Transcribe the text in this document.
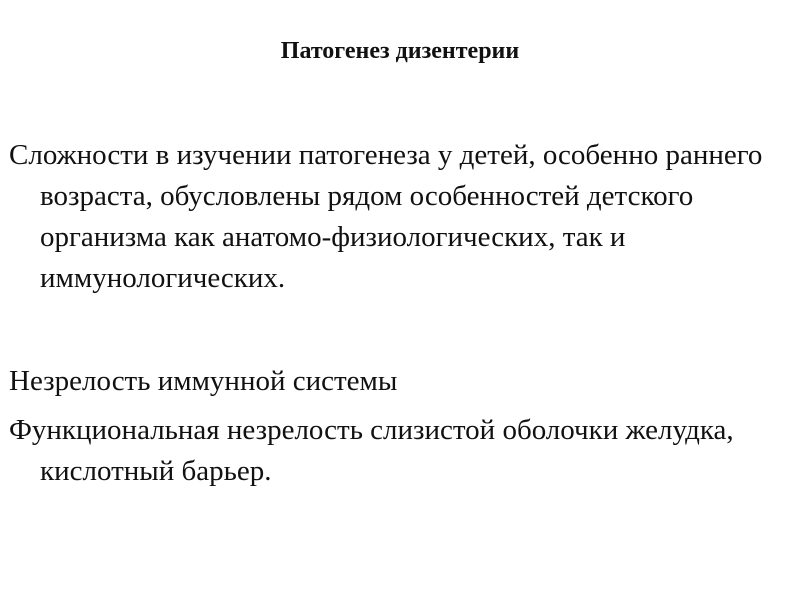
Патогенез дизентерии
Сложности в изучении патогенеза у детей, особенно раннего возраста, обусловлены рядом особенностей детского организма как анатомо-физиологических, так и иммунологических.
Незрелость иммунной системы
Функциональная незрелость слизистой оболочки желудка, кислотный барьер.
